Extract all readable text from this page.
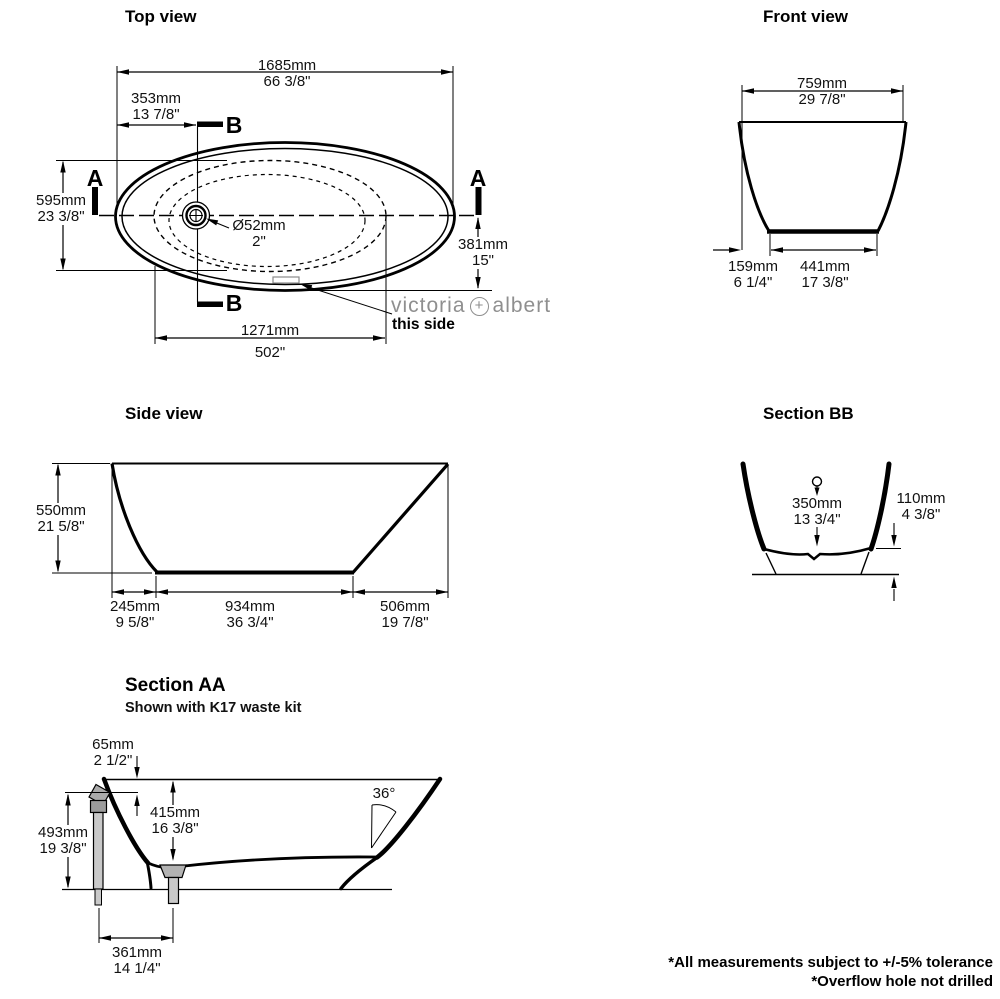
Top view
1685mm
66 3/8"
353mm
13 7/8"
595mm
23 3/8"
Ø52mm
2"	381mm
15"
1271mm
502"
A	A
B
B	victoria + albert
this side
Front view
759mm
29 7/8"
159mm
6 1/4"
441mm
17 3/8"
Side view
550mm
21 5/8"
245mm
9 5/8"
934mm
36 3/4"
506mm
19 7/8"
Section BB
350mm
13 3/4"
110mm
4 3/8"
Section AA
Shown with K17 waste kit
65mm
2 1/2"
493mm
19 3/8"
415mm
16 3/8"
36°
361mm
14 1/4"	*All measurements subject to +/-5% tolerance
*Overflow hole not drilled
